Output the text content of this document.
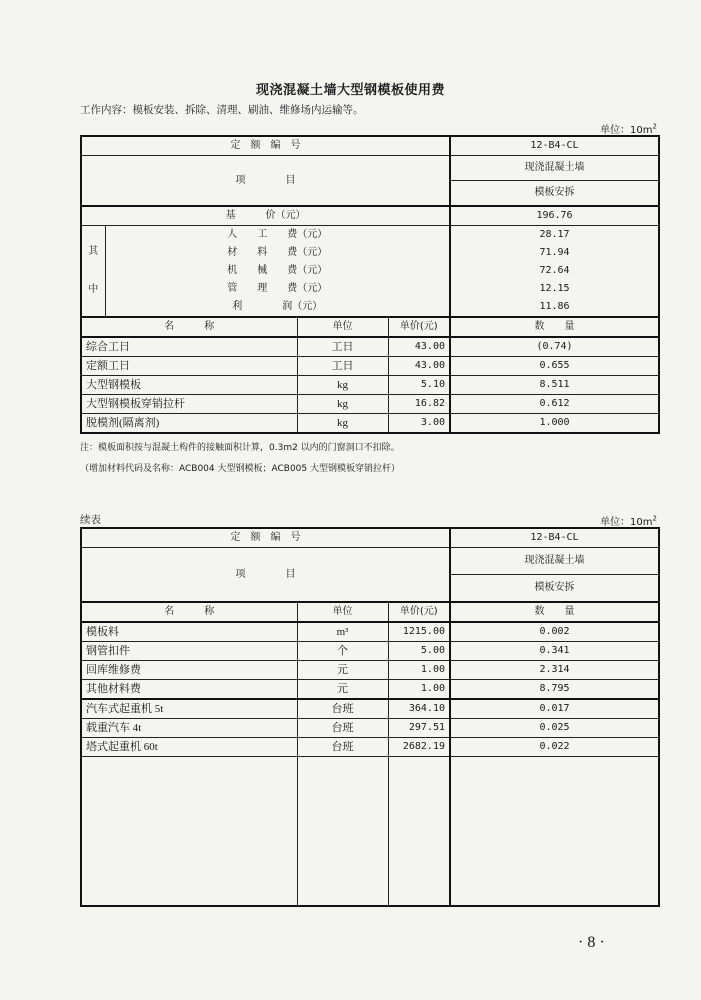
现浇混凝土墙大型钢模板使用费
工作内容：模板安装、拆除、清理、刷油、维修场内运输等。
单位：$10m^2$
定　额　编　号				12-B4-CL
项　　　　目				现浇混凝土墙
				模板安拆
基　　　价（元）				196.76

其
中	人　　工　　费（元）			28.17
	材　　料　　费（元）			71.94
	机　　械　　费（元）			72.64
	管　　理　　费（元）			12.15
	利　　　　润（元）			11.86
名　　　称		单位	单价(元)	数　　量
综合工日		工日	43.00	(0.74)
定额工日		工日	43.00	0.655
大型钢模板		kg	5.10	8.511
大型钢模板穿销拉杆		kg	16.82	0.612
脱模剂(隔离剂)		kg	3.00	1.000
注：模板面积按与混凝土构件的接触面积计算，0.3m2 以内的门窗洞口不扣除。
（增加材料代码及名称：ACB004 大型钢模板；ACB005 大型钢模板穿销拉杆）
续表	单位：$10m^2$
定　额　编　号			12-B4-CL
项　　　　目			现浇混凝土墙
			模板安拆
名　　　称	单位	单价(元)	数　　量
模板料	m³	1215.00	0.002
钢管扣件	个	5.00	0.341
回库维修费	元	1.00	2.314
其他材料费	元	1.00	8.795
汽车式起重机 5t	台班	364.10	0.017
载重汽车 4t	台班	297.51	0.025
塔式起重机 60t	台班	2682.19	0.022

· 8 ·
